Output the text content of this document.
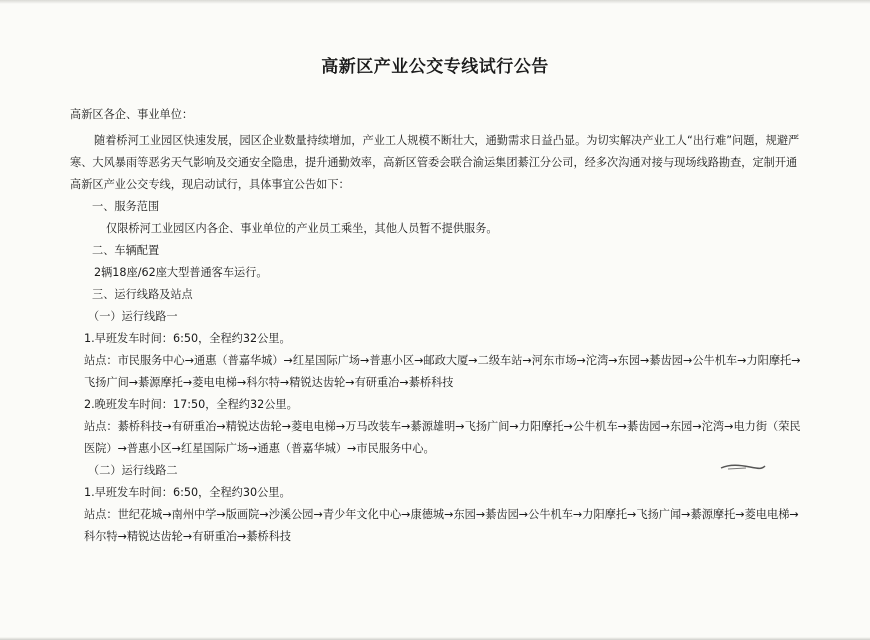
高新区产业公交专线试行公告

高新区各企、事业单位：

随着桥河工业园区快速发展，园区企业数量持续增加，产业工人规模不断壮大，通勤需求日益凸显。为切实解决产业工人“出行难”问题，规避严寒、大风暴雨等恶劣天气影响及交通安全隐患，提升通勤效率，高新区管委会联合渝运集团綦江分公司，经多次沟通对接与现场线路勘查，定制开通高新区产业公交专线，现启动试行，具体事宜公告如下：

一、服务范围

仅限桥河工业园区内各企、事业单位的产业员工乘坐，其他人员暂不提供服务。

二、车辆配置

2辆18座/62座大型普通客车运行。

三、运行线路及站点

（一）运行线路一

1.早班发车时间：6:50，全程约32公里。

站点：市民服务中心→通惠（普嘉华城）→红星国际广场→普惠小区→邮政大厦→二级车站→河东市场→沱湾→东园→綦齿园→公牛机车→力阳摩托→飞扬广间→綦源摩托→菱电电梯→科尔特→精锐达齿轮→有研重冶→綦桥科技

2.晚班发车时间：17:50，全程约32公里。

站点：綦桥科技→有研重冶→精锐达齿轮→菱电电梯→万马改装车→綦源雄明→飞扬广间→力阳摩托→公牛机车→綦齿园→东园→沱湾→电力街（荣民医院）→普惠小区→红星国际广场→通惠（普嘉华城）→市民服务中心。

（二）运行线路二

1.早班发车时间：6:50，全程约30公里。

站点：世纪花城→南州中学→版画院→沙溪公园→青少年文化中心→康德城→东园→綦齿园→公牛机车→力阳摩托→飞扬广闻→綦源摩托→菱电电梯→科尔特→精锐达齿轮→有研重冶→綦桥科技
